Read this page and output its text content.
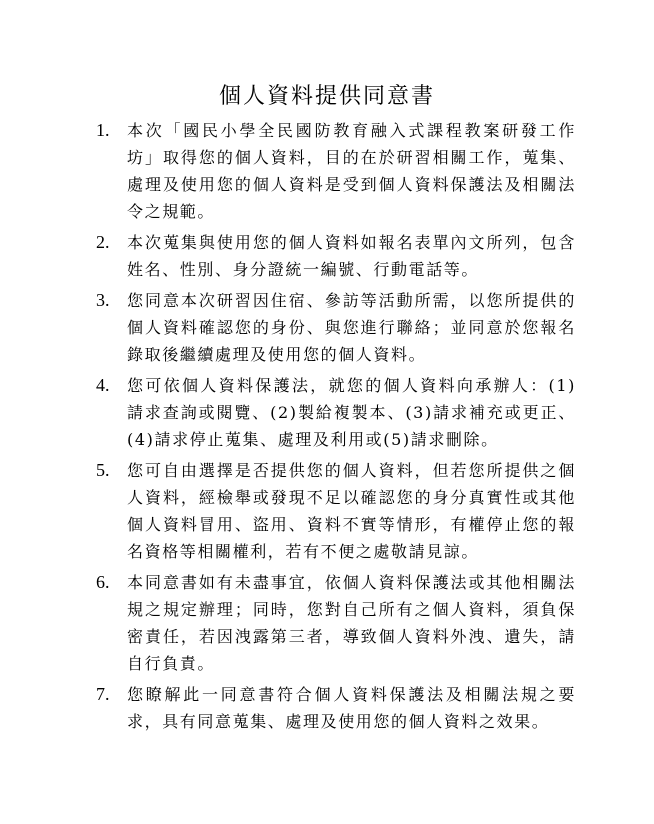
個人資料提供同意書
1. 本次「國民小學全民國防教育融入式課程教案研發工作坊」取得您的個人資料，目的在於研習相關工作，蒐集、處理及使用您的個人資料是受到個人資料保護法及相關法令之規範。
2. 本次蒐集與使用您的個人資料如報名表單內文所列，包含姓名、性別、身分證統一編號、行動電話等。
3. 您同意本次研習因住宿、參訪等活動所需，以您所提供的個人資料確認您的身份、與您進行聯絡；並同意於您報名錄取後繼續處理及使用您的個人資料。
4. 您可依個人資料保護法，就您的個人資料向承辦人：(1)請求查詢或閱覽、(2)製給複製本、(3)請求補充或更正、(4)請求停止蒐集、處理及利用或(5)請求刪除。
5. 您可自由選擇是否提供您的個人資料，但若您所提供之個人資料，經檢舉或發現不足以確認您的身分真實性或其他個人資料冒用、盜用、資料不實等情形，有權停止您的報名資格等相關權利，若有不便之處敬請見諒。
6. 本同意書如有未盡事宜，依個人資料保護法或其他相關法規之規定辦理；同時，您對自己所有之個人資料，須負保密責任，若因洩露第三者，導致個人資料外洩、遺失，請自行負責。
7. 您瞭解此一同意書符合個人資料保護法及相關法規之要求，具有同意蒐集、處理及使用您的個人資料之效果。
